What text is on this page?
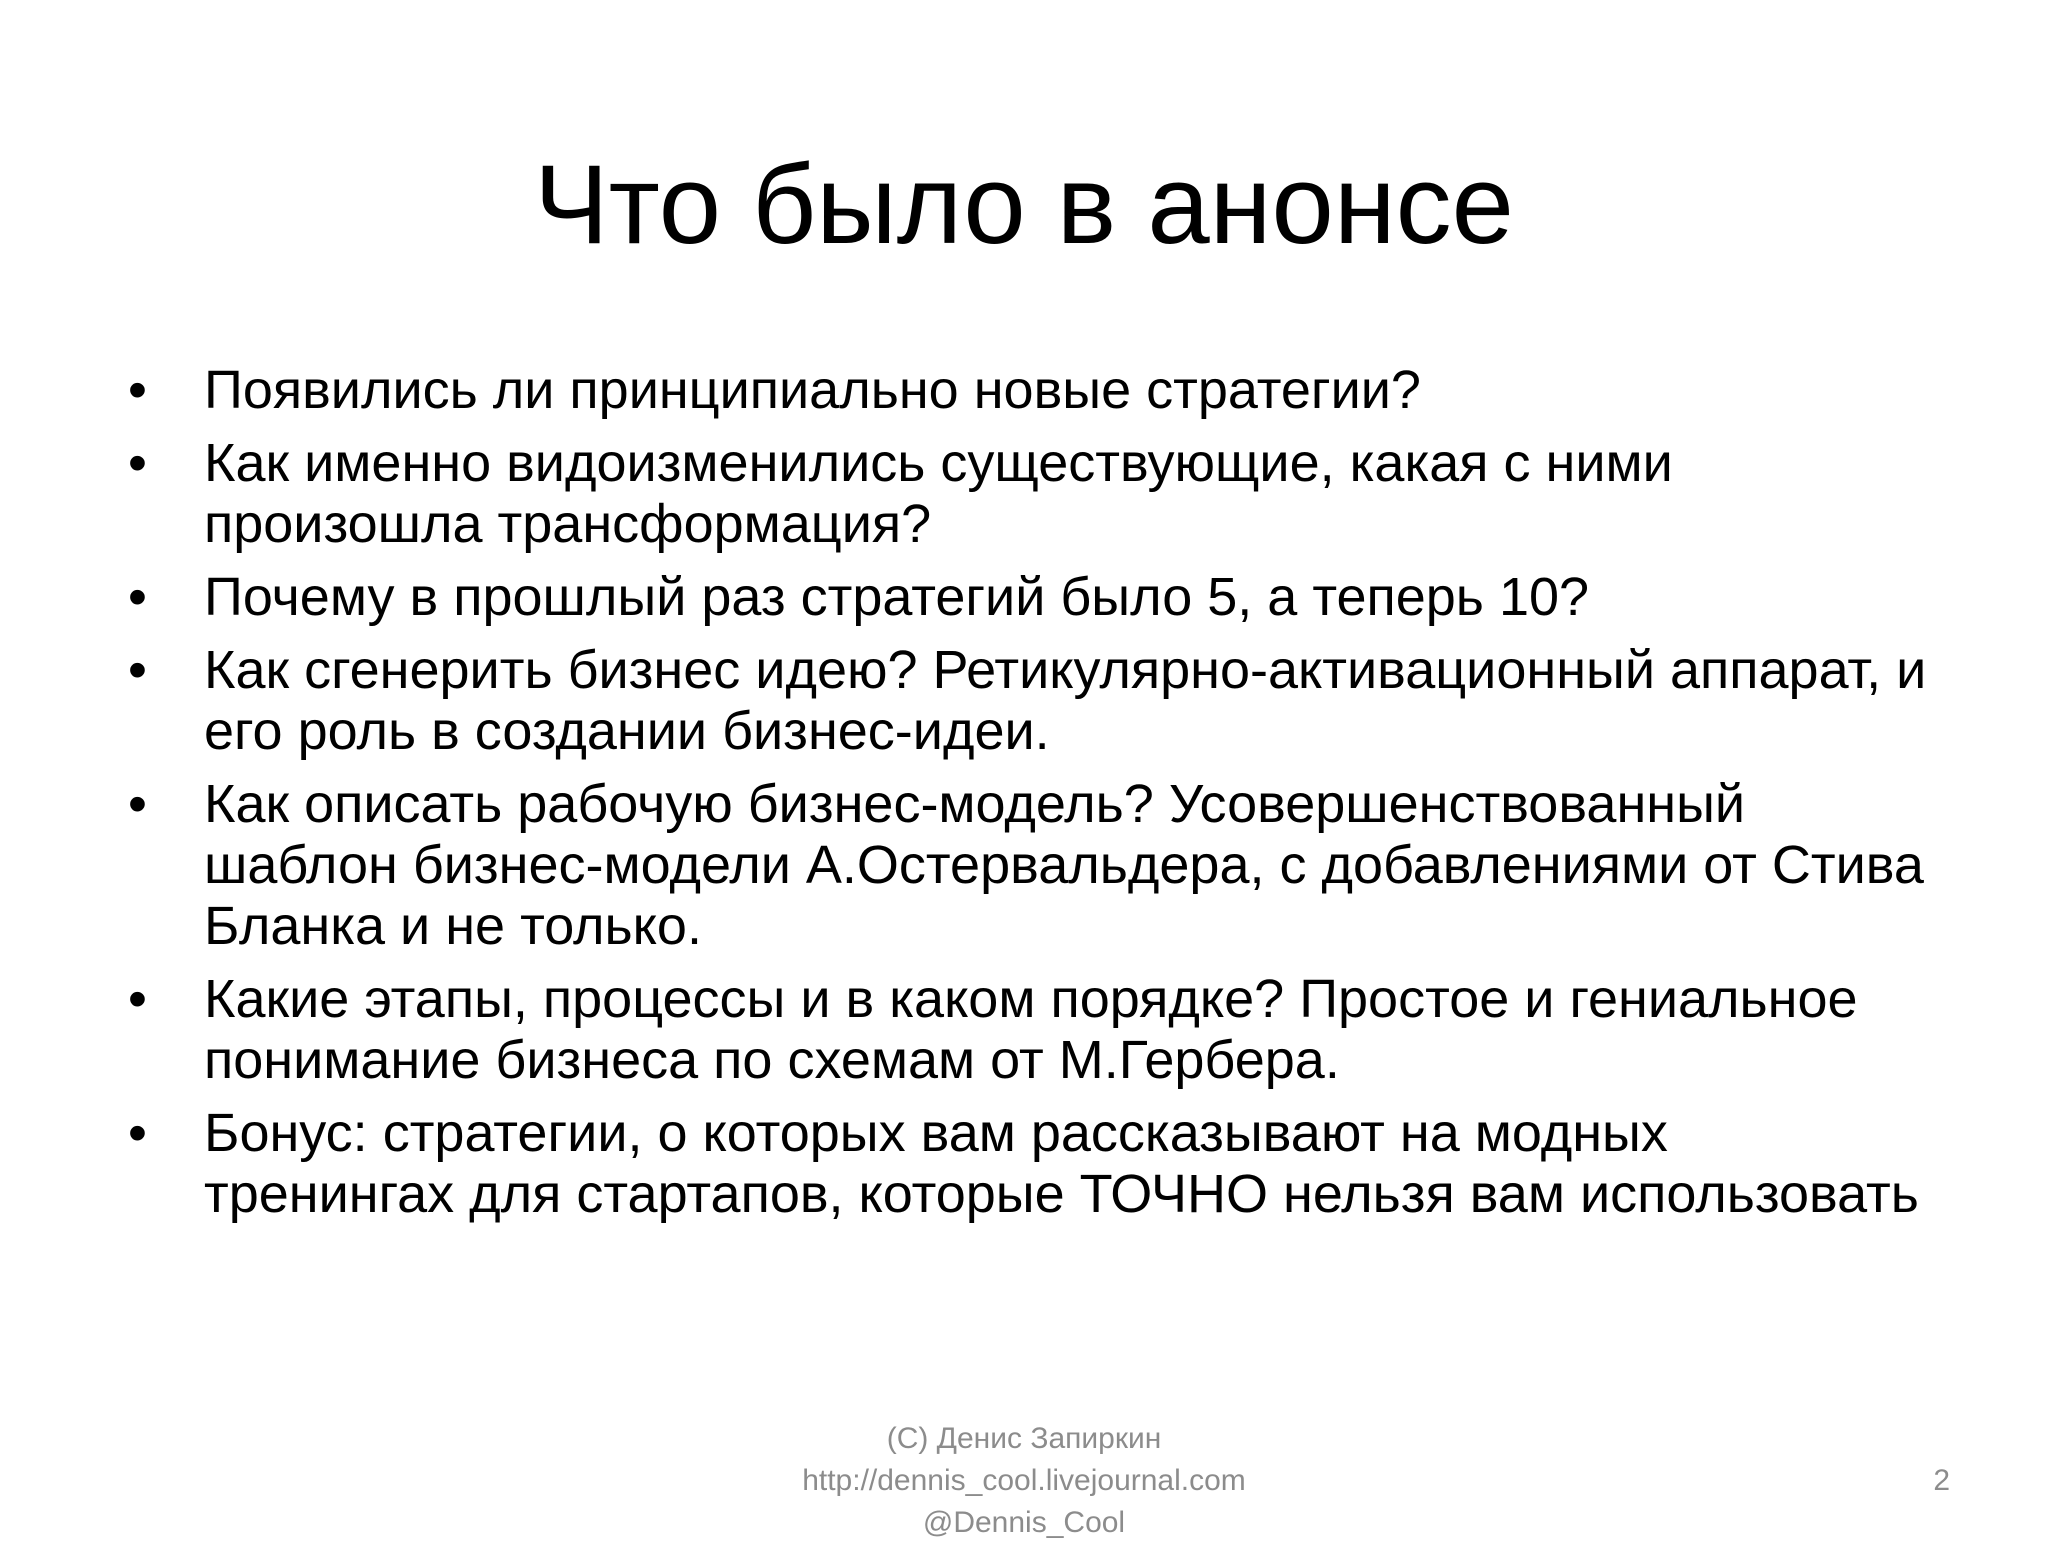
Что было в анонсе
•	Появились ли принципиально новые стратегии?
•	Как именно видоизменились существующие, какая с ними произошла трансформация?
•	Почему в прошлый раз стратегий было 5, а теперь 10?
•	Как сгенерить бизнес идею? Ретикулярно-активационный аппарат, и его роль в создании бизнес-идеи.
•	Как описать рабочую бизнес-модель? Усовершенствованный шаблон бизнес-модели А.Остервальдера, с добавлениями от Стива Бланка и не только.
•	Какие этапы, процессы и в каком порядке? Простое и гениальное понимание бизнеса по схемам от М.Гербера.
•	Бонус: стратегии, о которых вам рассказывают на модных тренингах для стартапов, которые ТОЧНО нельзя вам использовать
(C) Денис Запиркин
http://dennis_cool.livejournal.com
@Dennis_Cool
2
